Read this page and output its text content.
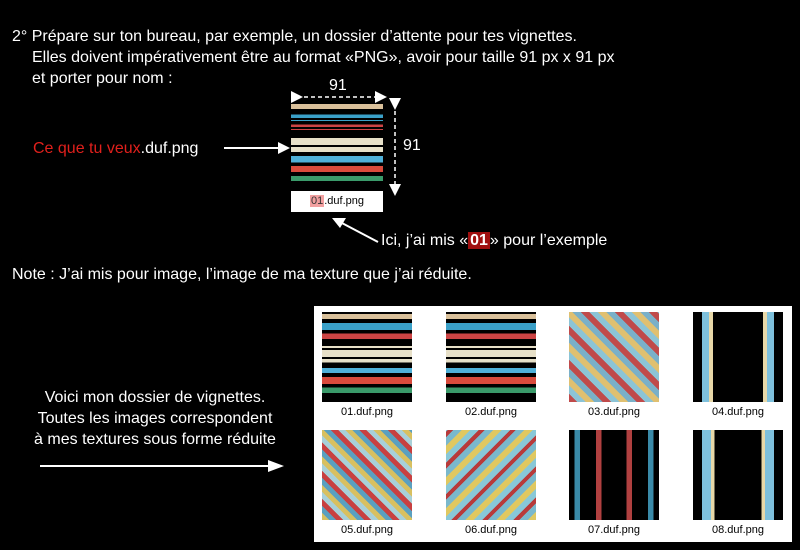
2° Prépare sur ton bureau, par exemple, un dossier d’attente pour tes vignettes.
Elles doivent impérativement être au format «PNG», avoir pour taille 91 px x 91 px
et porter pour nom :	91
91
Ce que tu veux.duf.png
01.duf.png
Ici, j’ai mis « 01 » pour l’exemple
Note : J’ai mis pour image, l’image de ma texture que j’ai réduite.
Voici mon dossier de vignettes.
Toutes les images correspondent
à mes textures sous forme réduite
01.duf.png	02.duf.png	03.duf.png	04.duf.png
05.duf.png	06.duf.png	07.duf.png	08.duf.png
